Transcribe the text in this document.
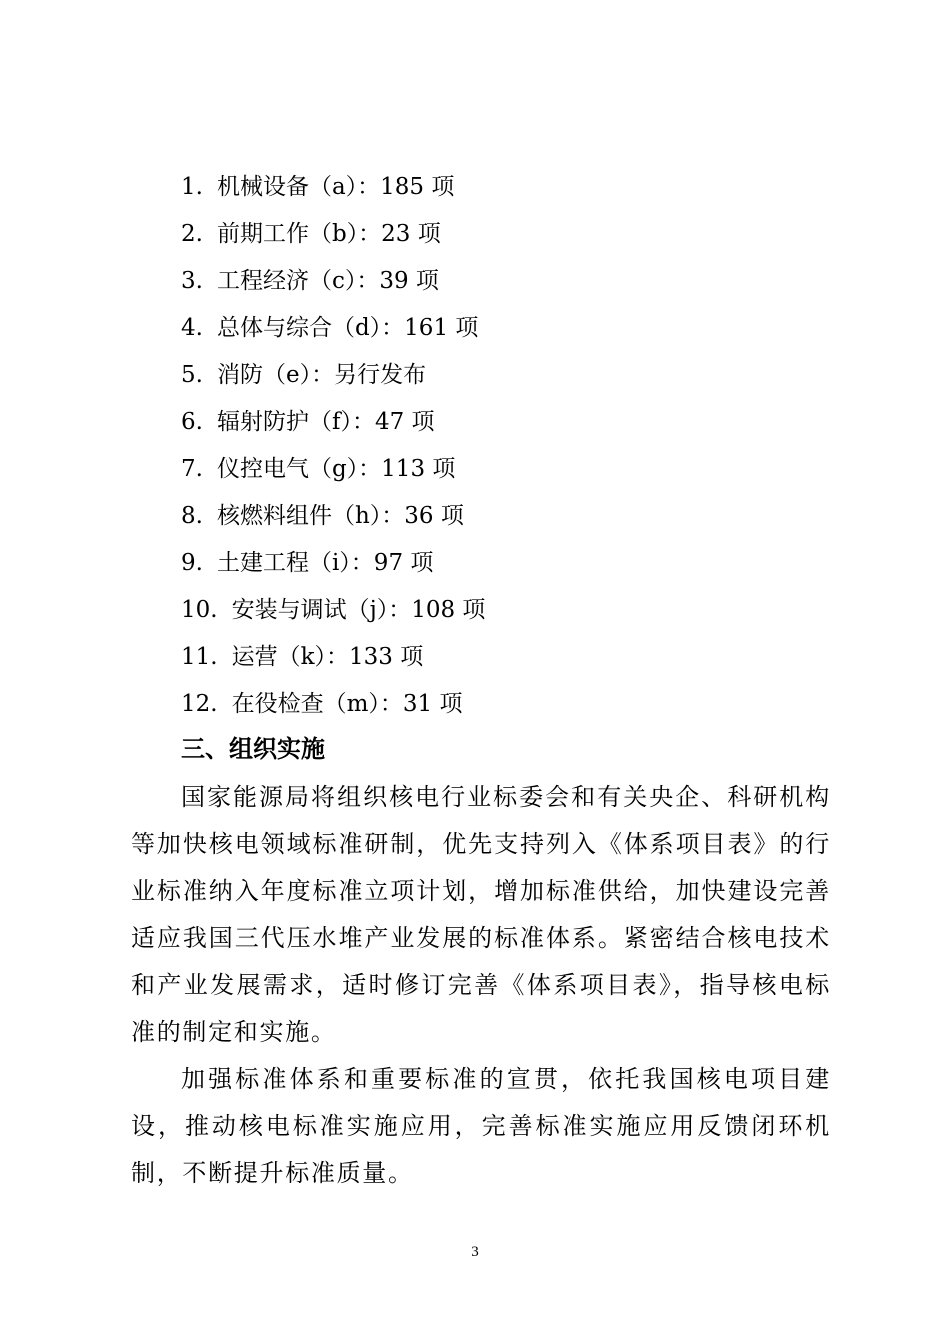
1. 机械设备（a）：185 项
2. 前期工作（b）：23 项
3. 工程经济（c）：39 项
4. 总体与综合（d）：161 项
5. 消防（e）：另行发布
6. 辐射防护（f）：47 项
7. 仪控电气（g）：113 项
8. 核燃料组件（h）：36 项
9. 土建工程（i）：97 项
10. 安装与调试（j）：108 项
11. 运营（k）：133 项
12. 在役检查（m）：31 项
三、组织实施

国家能源局将组织核电行业标委会和有关央企、科研机构等加快核电领域标准研制，优先支持列入《体系项目表》的行业标准纳入年度标准立项计划，增加标准供给，加快建设完善适应我国三代压水堆产业发展的标准体系。紧密结合核电技术和产业发展需求，适时修订完善《体系项目表》，指导核电标准的制定和实施。

加强标准体系和重要标准的宣贯，依托我国核电项目建设，推动核电标准实施应用，完善标准实施应用反馈闭环机制，不断提升标准质量。

3
